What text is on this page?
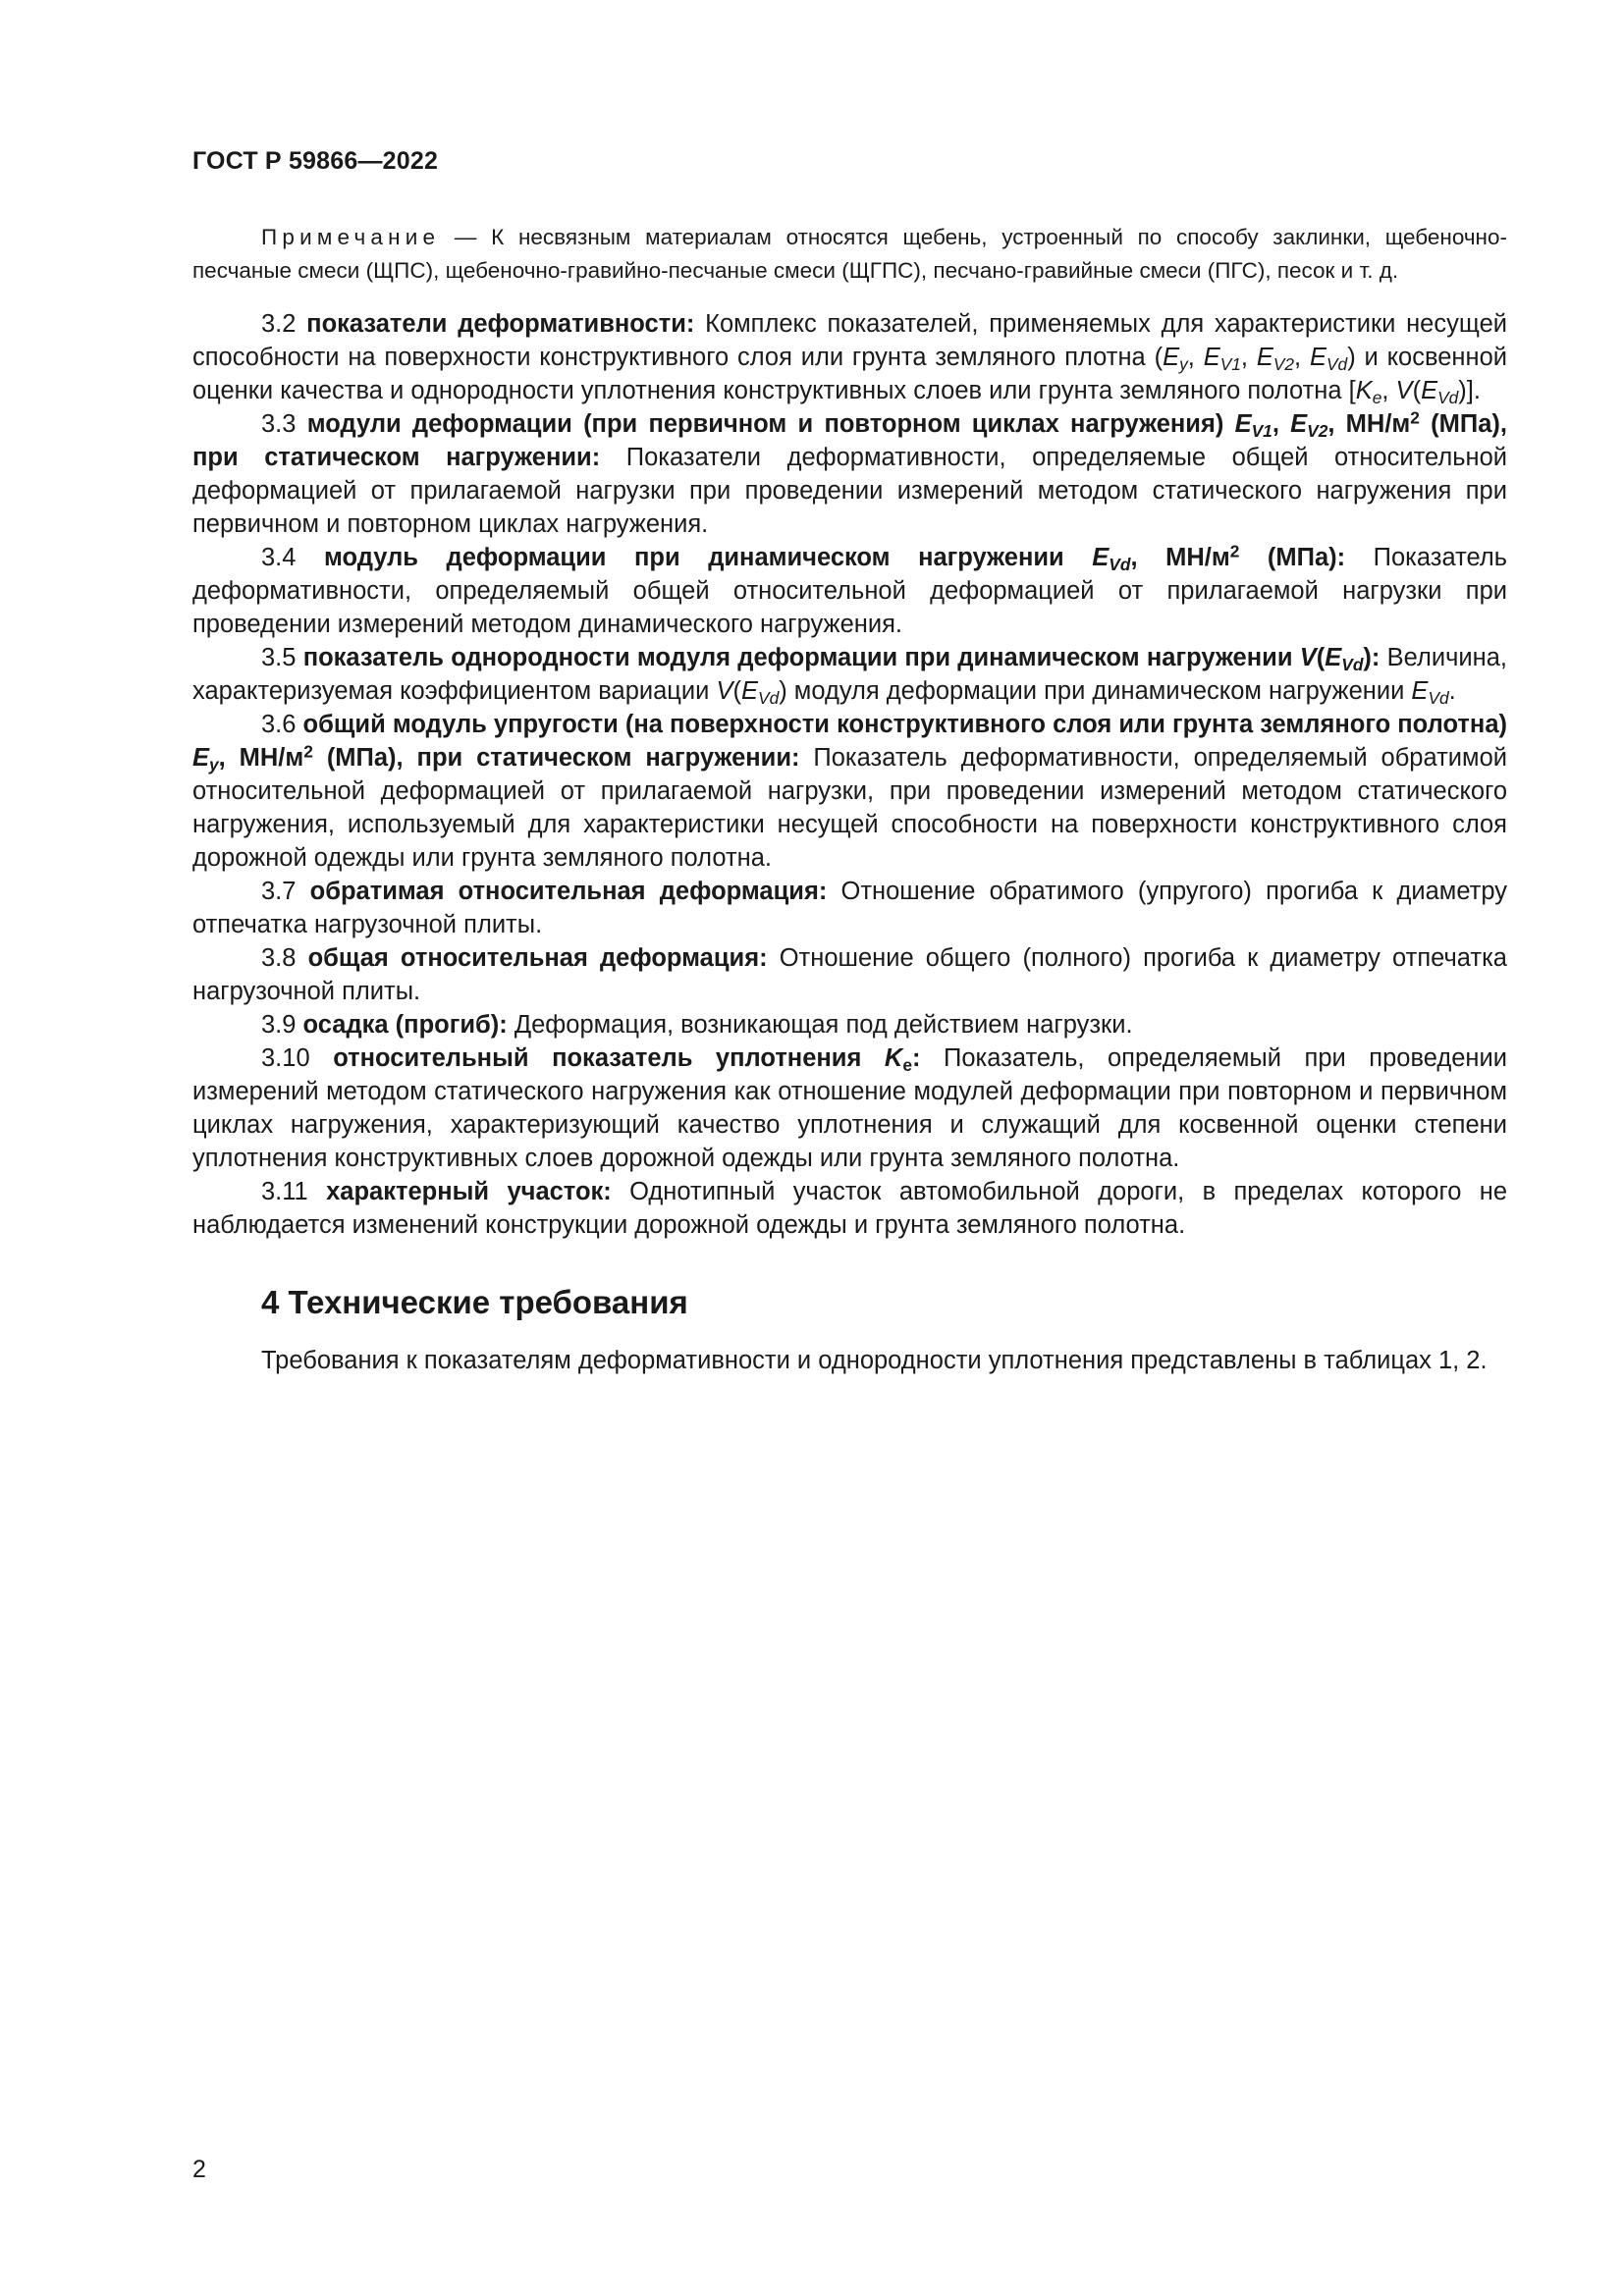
ГОСТ Р 59866—2022

Примечание — К несвязным материалам относятся щебень, устроенный по способу заклинки, щебеночно-песчаные смеси (ЩПС), щебеночно-гравийно-песчаные смеси (ЩГПС), песчано-гравийные смеси (ПГС), песок и т. д.

3.2 показатели деформативности: Комплекс показателей, применяемых для характеристики несущей способности на поверхности конструктивного слоя или грунта земляного плотна ($E_y$, $E_{V1}$, $E_{V2}$, $E_{Vd}$) и косвенной оценки качества и однородности уплотнения конструктивных слоев или грунта земляного полотна [$K_e$, $V(E_{Vd})$].

3.3 модули деформации (при первичном и повторном циклах нагружения) $E_{V1}$, $E_{V2}$, $МН/м^2$ (МПа), при статическом нагружении: Показатели деформативности, определяемые общей относительной деформацией от прилагаемой нагрузки при проведении измерений методом статического нагружения при первичном и повторном циклах нагружения.

3.4 модуль деформации при динамическом нагружении $E_{Vd}$, $МН/м^2$ (МПа): Показатель деформативности, определяемый общей относительной деформацией от прилагаемой нагрузки при проведении измерений методом динамического нагружения.

3.5 показатель однородности модуля деформации при динамическом нагружении $V(E_{Vd})$: Величина, характеризуемая коэффициентом вариации $V(E_{Vd})$ модуля деформации при динамическом нагружении $E_{Vd}$.

3.6 общий модуль упругости (на поверхности конструктивного слоя или грунта земляного полотна) $E_y$, $МН/м^2$ (МПа), при статическом нагружении: Показатель деформативности, определяемый обратимой относительной деформацией от прилагаемой нагрузки, при проведении измерений методом статического нагружения, используемый для характеристики несущей способности на поверхности конструктивного слоя дорожной одежды или грунта земляного полотна.

3.7 обратимая относительная деформация: Отношение обратимого (упругого) прогиба к диаметру отпечатка нагрузочной плиты.

3.8 общая относительная деформация: Отношение общего (полного) прогиба к диаметру отпечатка нагрузочной плиты.

3.9 осадка (прогиб): Деформация, возникающая под действием нагрузки.

3.10 относительный показатель уплотнения $K_e$: Показатель, определяемый при проведении измерений методом статического нагружения как отношение модулей деформации при повторном и первичном циклах нагружения, характеризующий качество уплотнения и служащий для косвенной оценки степени уплотнения конструктивных слоев дорожной одежды или грунта земляного полотна.

3.11 характерный участок: Однотипный участок автомобильной дороги, в пределах которого не наблюдается изменений конструкции дорожной одежды и грунта земляного полотна.

4 Технические требования

Требования к показателям деформативности и однородности уплотнения представлены в таблицах 1, 2.

2
